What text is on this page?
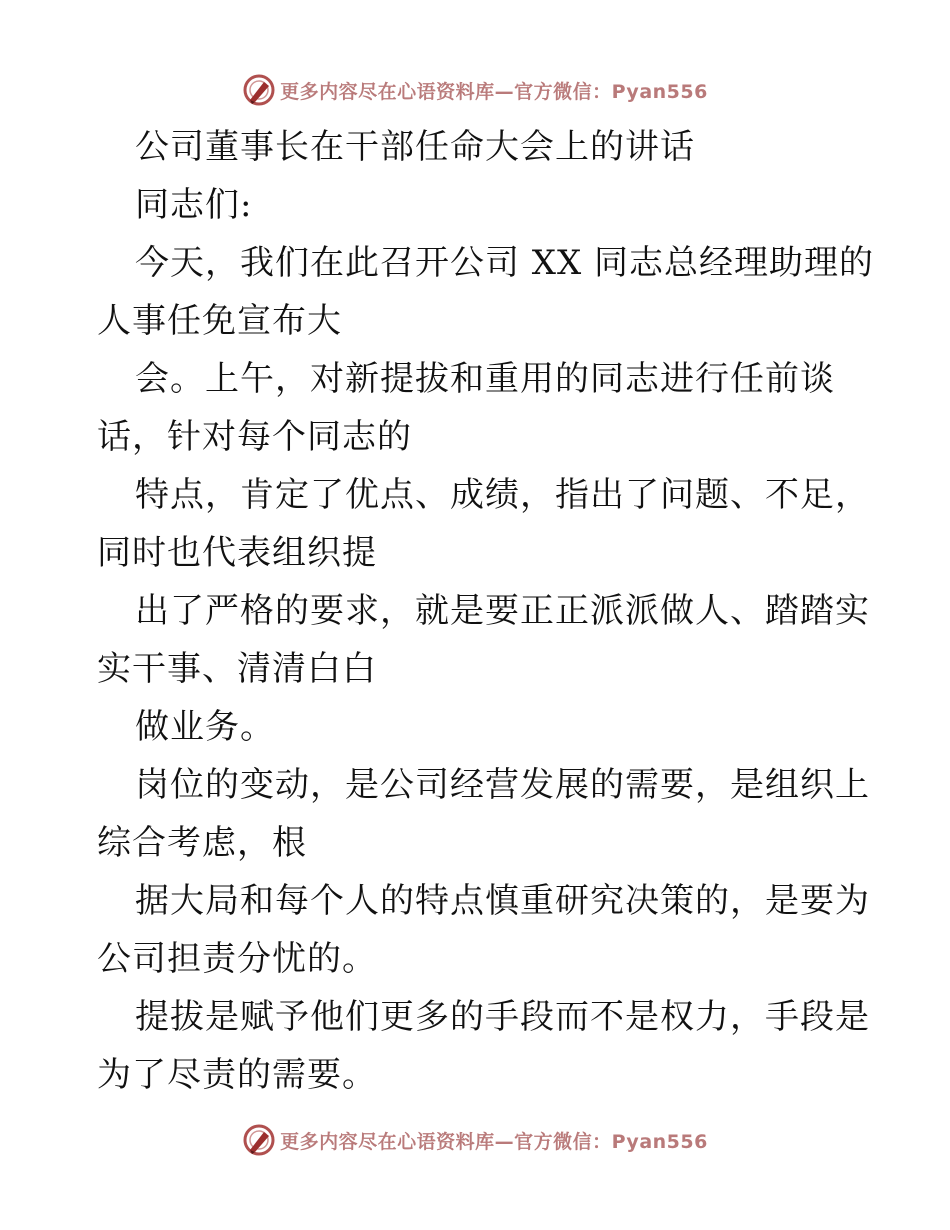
更多内容尽在心语资料库—官方微信：Pyan556
公司董事长在干部任命大会上的讲话
同志们:
今天，我们在此召开公司 XX 同志总经理助理的
人事任免宣布大
会。上午，对新提拔和重用的同志进行任前谈
话，针对每个同志的
特点，肯定了优点、成绩，指出了问题、不足，
同时也代表组织提
出了严格的要求，就是要正正派派做人、踏踏实
实干事、清清白白
做业务。
岗位的变动，是公司经营发展的需要，是组织上
综合考虑，根
据大局和每个人的特点慎重研究决策的，是要为
公司担责分忧的。
提拔是赋予他们更多的手段而不是权力，手段是
为了尽责的需要。
更多内容尽在心语资料库—官方微信：Pyan556
